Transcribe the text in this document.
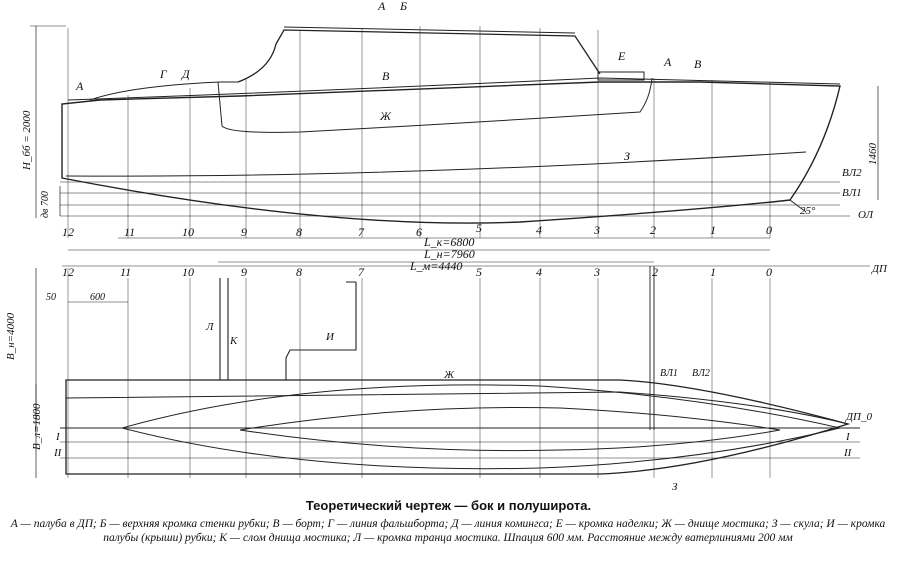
12	11	10	9	8	7	6	5	4	3	2	1	0
А Б
А
Г Д	В
Е	А В
Ж
З
Н_бб = 2000
дв 700
1460
L_к=6800
L_н=7960
L_м=4440
25°
ВЛ2
ВЛ1
ОЛ
12	11	10	9	8	7	5	4	3	2	1	0	ДП
ДП_0
Л
К	И
Ж
З
ВЛ1 ВЛ2
I
II
I
II
В_н=4000
В_л=1800
50	600
Теоретический чертеж — бок и полуширота.
А — палуба в ДП; Б — верхняя кромка стенки рубки; В — борт; Г — линия фальшборта; Д — линия комингса; Е — кромка наделки; Ж — днище мостика; З — скула; И — кромка палубы (крыши) рубки; К — слом днища мостика; Л — кромка транца мостика. Шпация 600 мм. Расстояние между ватерлиниями 200 мм
